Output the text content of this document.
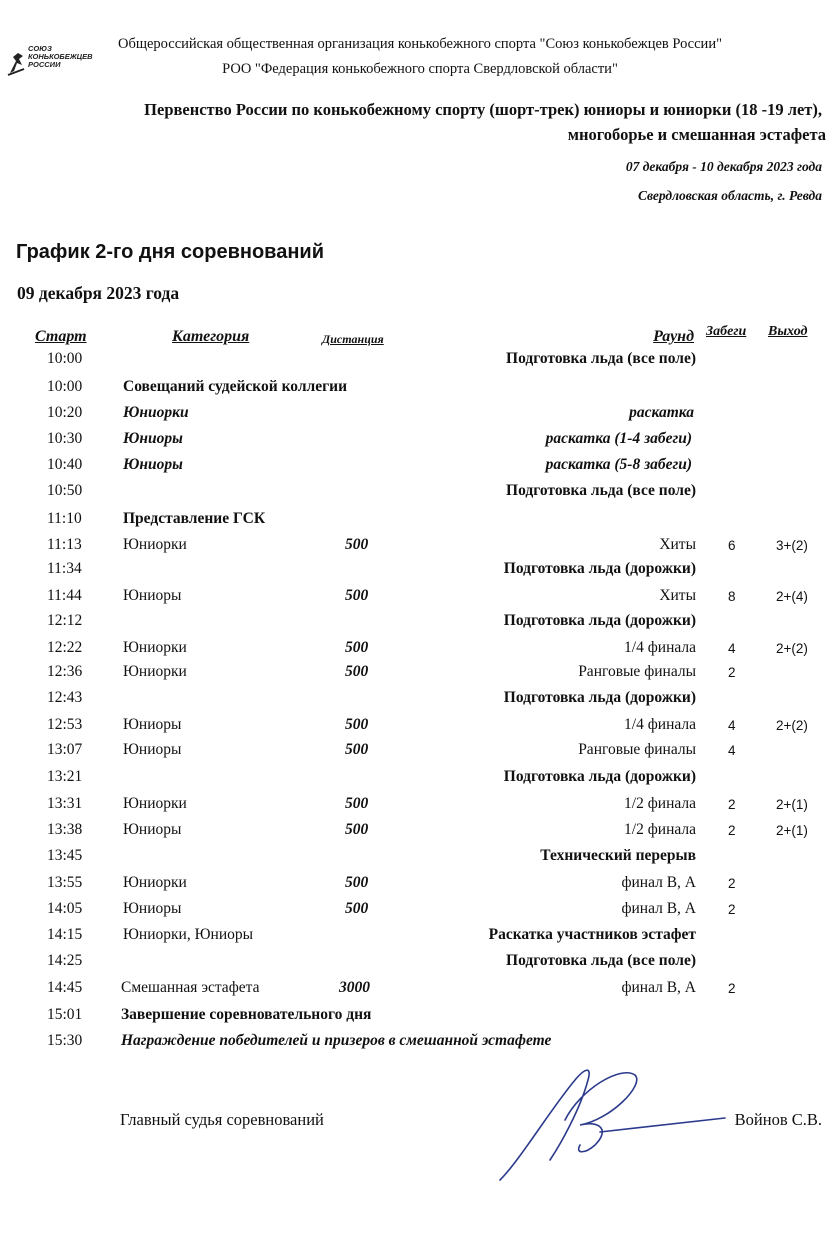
СОЮЗ
КОНЬКОБЕЖЦЕВ
РОССИИ
Общероссийская общественная организация конькобежного спорта "Союз конькобежцев России"
РОО "Федерация конькобежного спорта Свердловской области"
Первенство России по конькобежному спорту (шорт-трек) юниоры и юниорки (18 -19 лет),
многоборье и смешанная эстафета
07 декабря - 10 декабря 2023 года
Свердловская область, г. Ревда
График 2-го дня соревнований
09 декабря 2023 года
Старт	Категория	Дистанция	Раунд Забеги Выход
10:00	Подготовка льда (все поле)
10:00	Совещаний судейской коллегии
10:20	Юниорки	раскатка
10:30	Юниоры	раскатка (1-4 забеги)
10:40	Юниоры	раскатка (5-8 забеги)
10:50	Подготовка льда (все поле)
11:10	Представление ГСК
11:13	Юниорки	500	Хиты 6	3+(2)
11:34	Подготовка льда (дорожки)
11:44	Юниоры	500	Хиты 8	2+(4)
12:12	Подготовка льда (дорожки)
12:22	Юниорки	500	1/4 финала 4	2+(2)
12:36	Юниорки	500	Ранговые финалы 2
12:43	Подготовка льда (дорожки)
12:53	Юниоры	500	1/4 финала 4	2+(2)
13:07	Юниоры	500	Ранговые финалы 4
13:21	Подготовка льда (дорожки)
13:31	Юниорки	500	1/2 финала 2	2+(1)
13:38	Юниоры	500	1/2 финала 2	2+(1)
13:45	Технический перерыв
13:55	Юниорки	500	финал В, А 2
14:05	Юниоры	500	финал В, А 2
14:15	Юниорки, Юниоры	Раскатка участников эстафет
14:25	Подготовка льда (все поле)
14:45 Смешанная эстафета	3000	финал В, А 2
15:01 Завершение соревновательного дня
15:30 Награждение победителей и призеров в смешанной эстафете
Главный судья соревнований	Войнов С.В.
